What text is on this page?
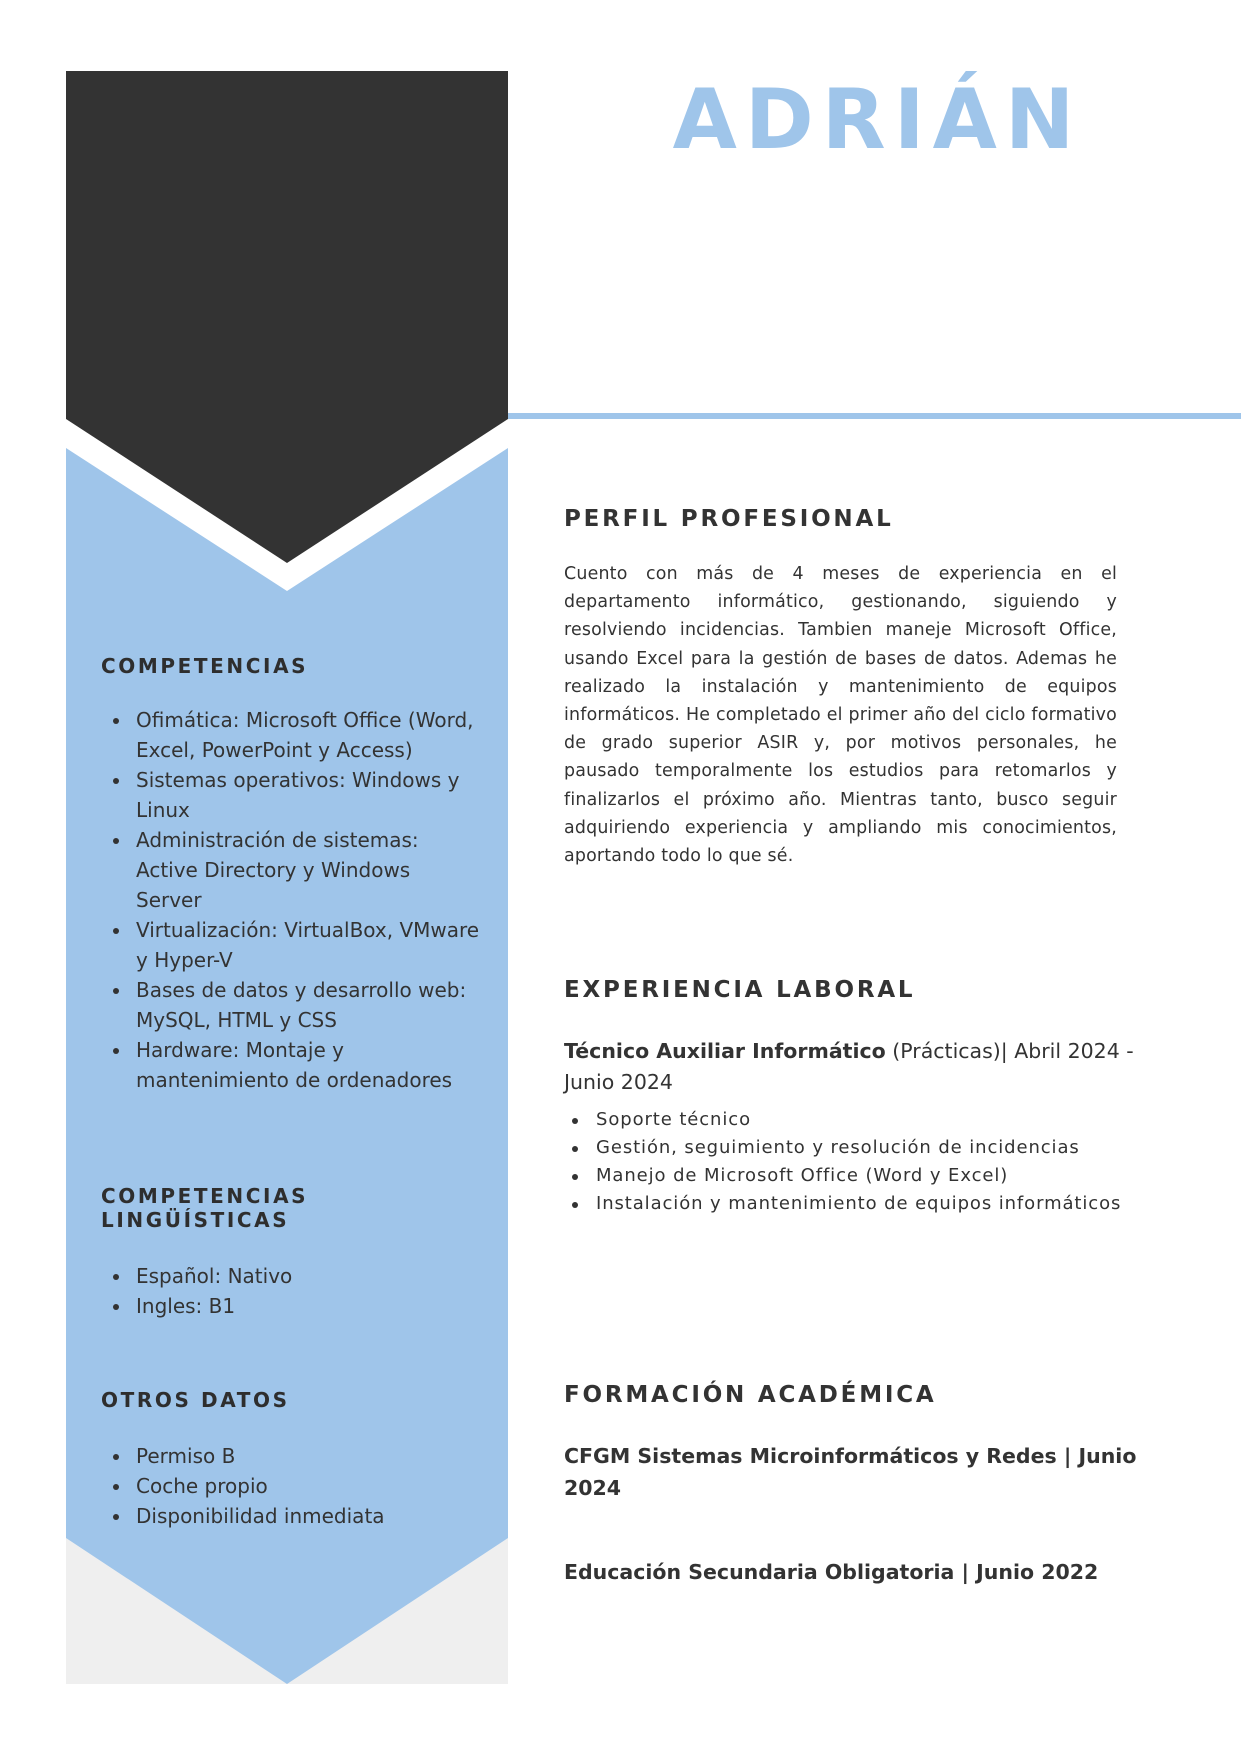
ADRIÁN
COMPETENCIAS
Ofimática: Microsoft Office (Word, Excel, PowerPoint y Access)
Sistemas operativos: Windows y Linux
Administración de sistemas: Active Directory y Windows Server
Virtualización: VirtualBox, VMware y Hyper-V
Bases de datos y desarrollo web: MySQL, HTML y CSS
Hardware: Montaje y mantenimiento de ordenadores
COMPETENCIAS
LINGÜÍSTICAS
Español: Nativo
Ingles: B1
OTROS DATOS
Permiso B
Coche propio
Disponibilidad inmediata
PERFIL PROFESIONAL

Cuento con más de 4 meses de experiencia en el departamento informático, gestionando, siguiendo y resolviendo incidencias. Tambien maneje Microsoft Office, usando Excel para la gestión de bases de datos. Ademas he realizado la instalación y mantenimiento de equipos informáticos. He completado el primer año del ciclo formativo de grado superior ASIR y, por motivos personales, he pausado temporalmente los estudios para retomarlos y finalizarlos el próximo año. Mientras tanto, busco seguir adquiriendo experiencia y ampliando mis conocimientos, aportando todo lo que sé.

EXPERIENCIA LABORAL
Técnico Auxiliar Informático (Prácticas)| Abril 2024 - Junio 2024
Soporte técnico
Gestión, seguimiento y resolución de incidencias
Manejo de Microsoft Office (Word y Excel)
Instalación y mantenimiento de equipos informáticos
FORMACIÓN ACADÉMICA
CFGM Sistemas Microinformáticos y Redes | Junio 2024
Educación Secundaria Obligatoria | Junio 2022
